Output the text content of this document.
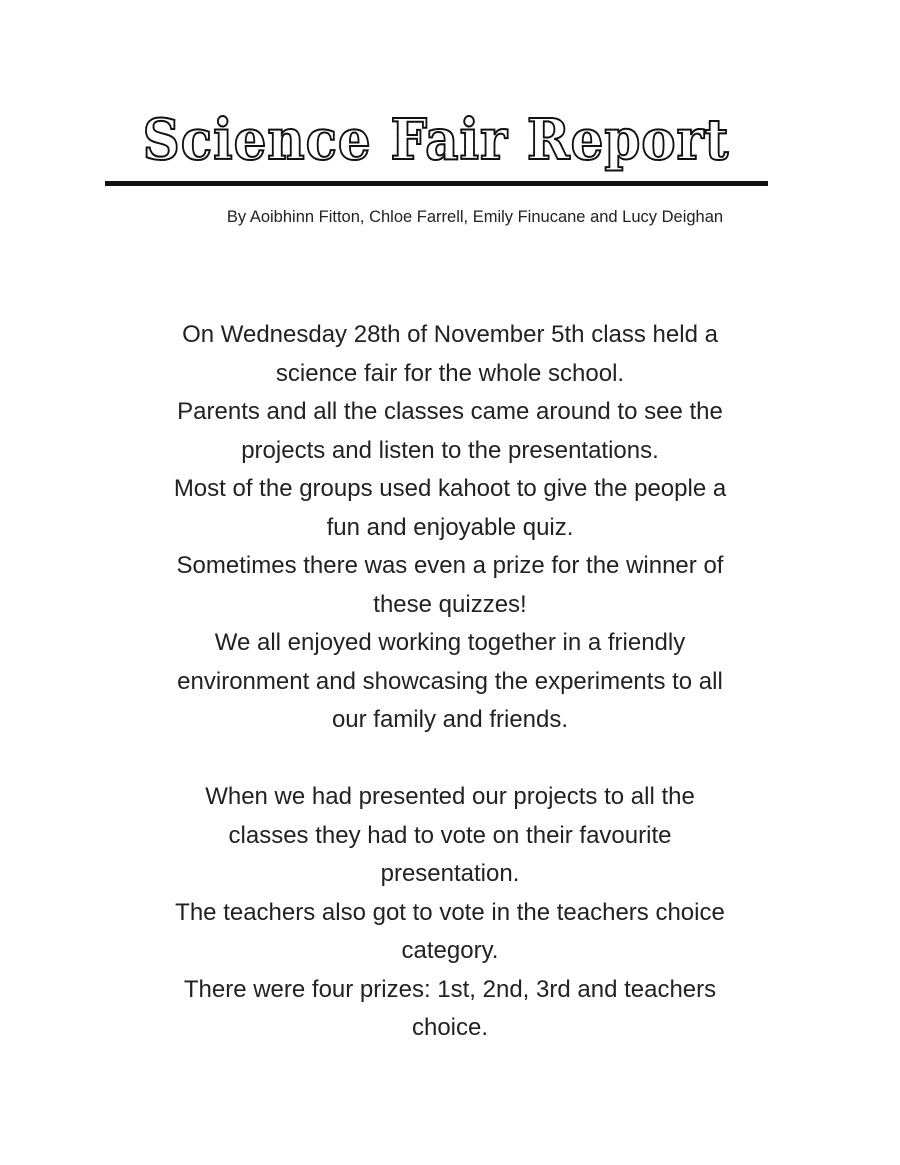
Science Fair Report
By Aoibhinn Fitton, Chloe Farrell, Emily Finucane and Lucy Deighan
On Wednesday 28th of November 5th class held a
science fair for the whole school.
Parents and all the classes came around to see the
projects and listen to the presentations.
Most of the groups used kahoot to give the people a
fun and enjoyable quiz.
Sometimes there was even a prize for the winner of
these quizzes!
We all enjoyed working together in a friendly
environment and showcasing the experiments to all
our family and friends.
When we had presented our projects to all the
classes they had to vote on their favourite
presentation.
The teachers also got to vote in the teachers choice
category.
There were four prizes: 1st, 2nd, 3rd and teachers
choice.
